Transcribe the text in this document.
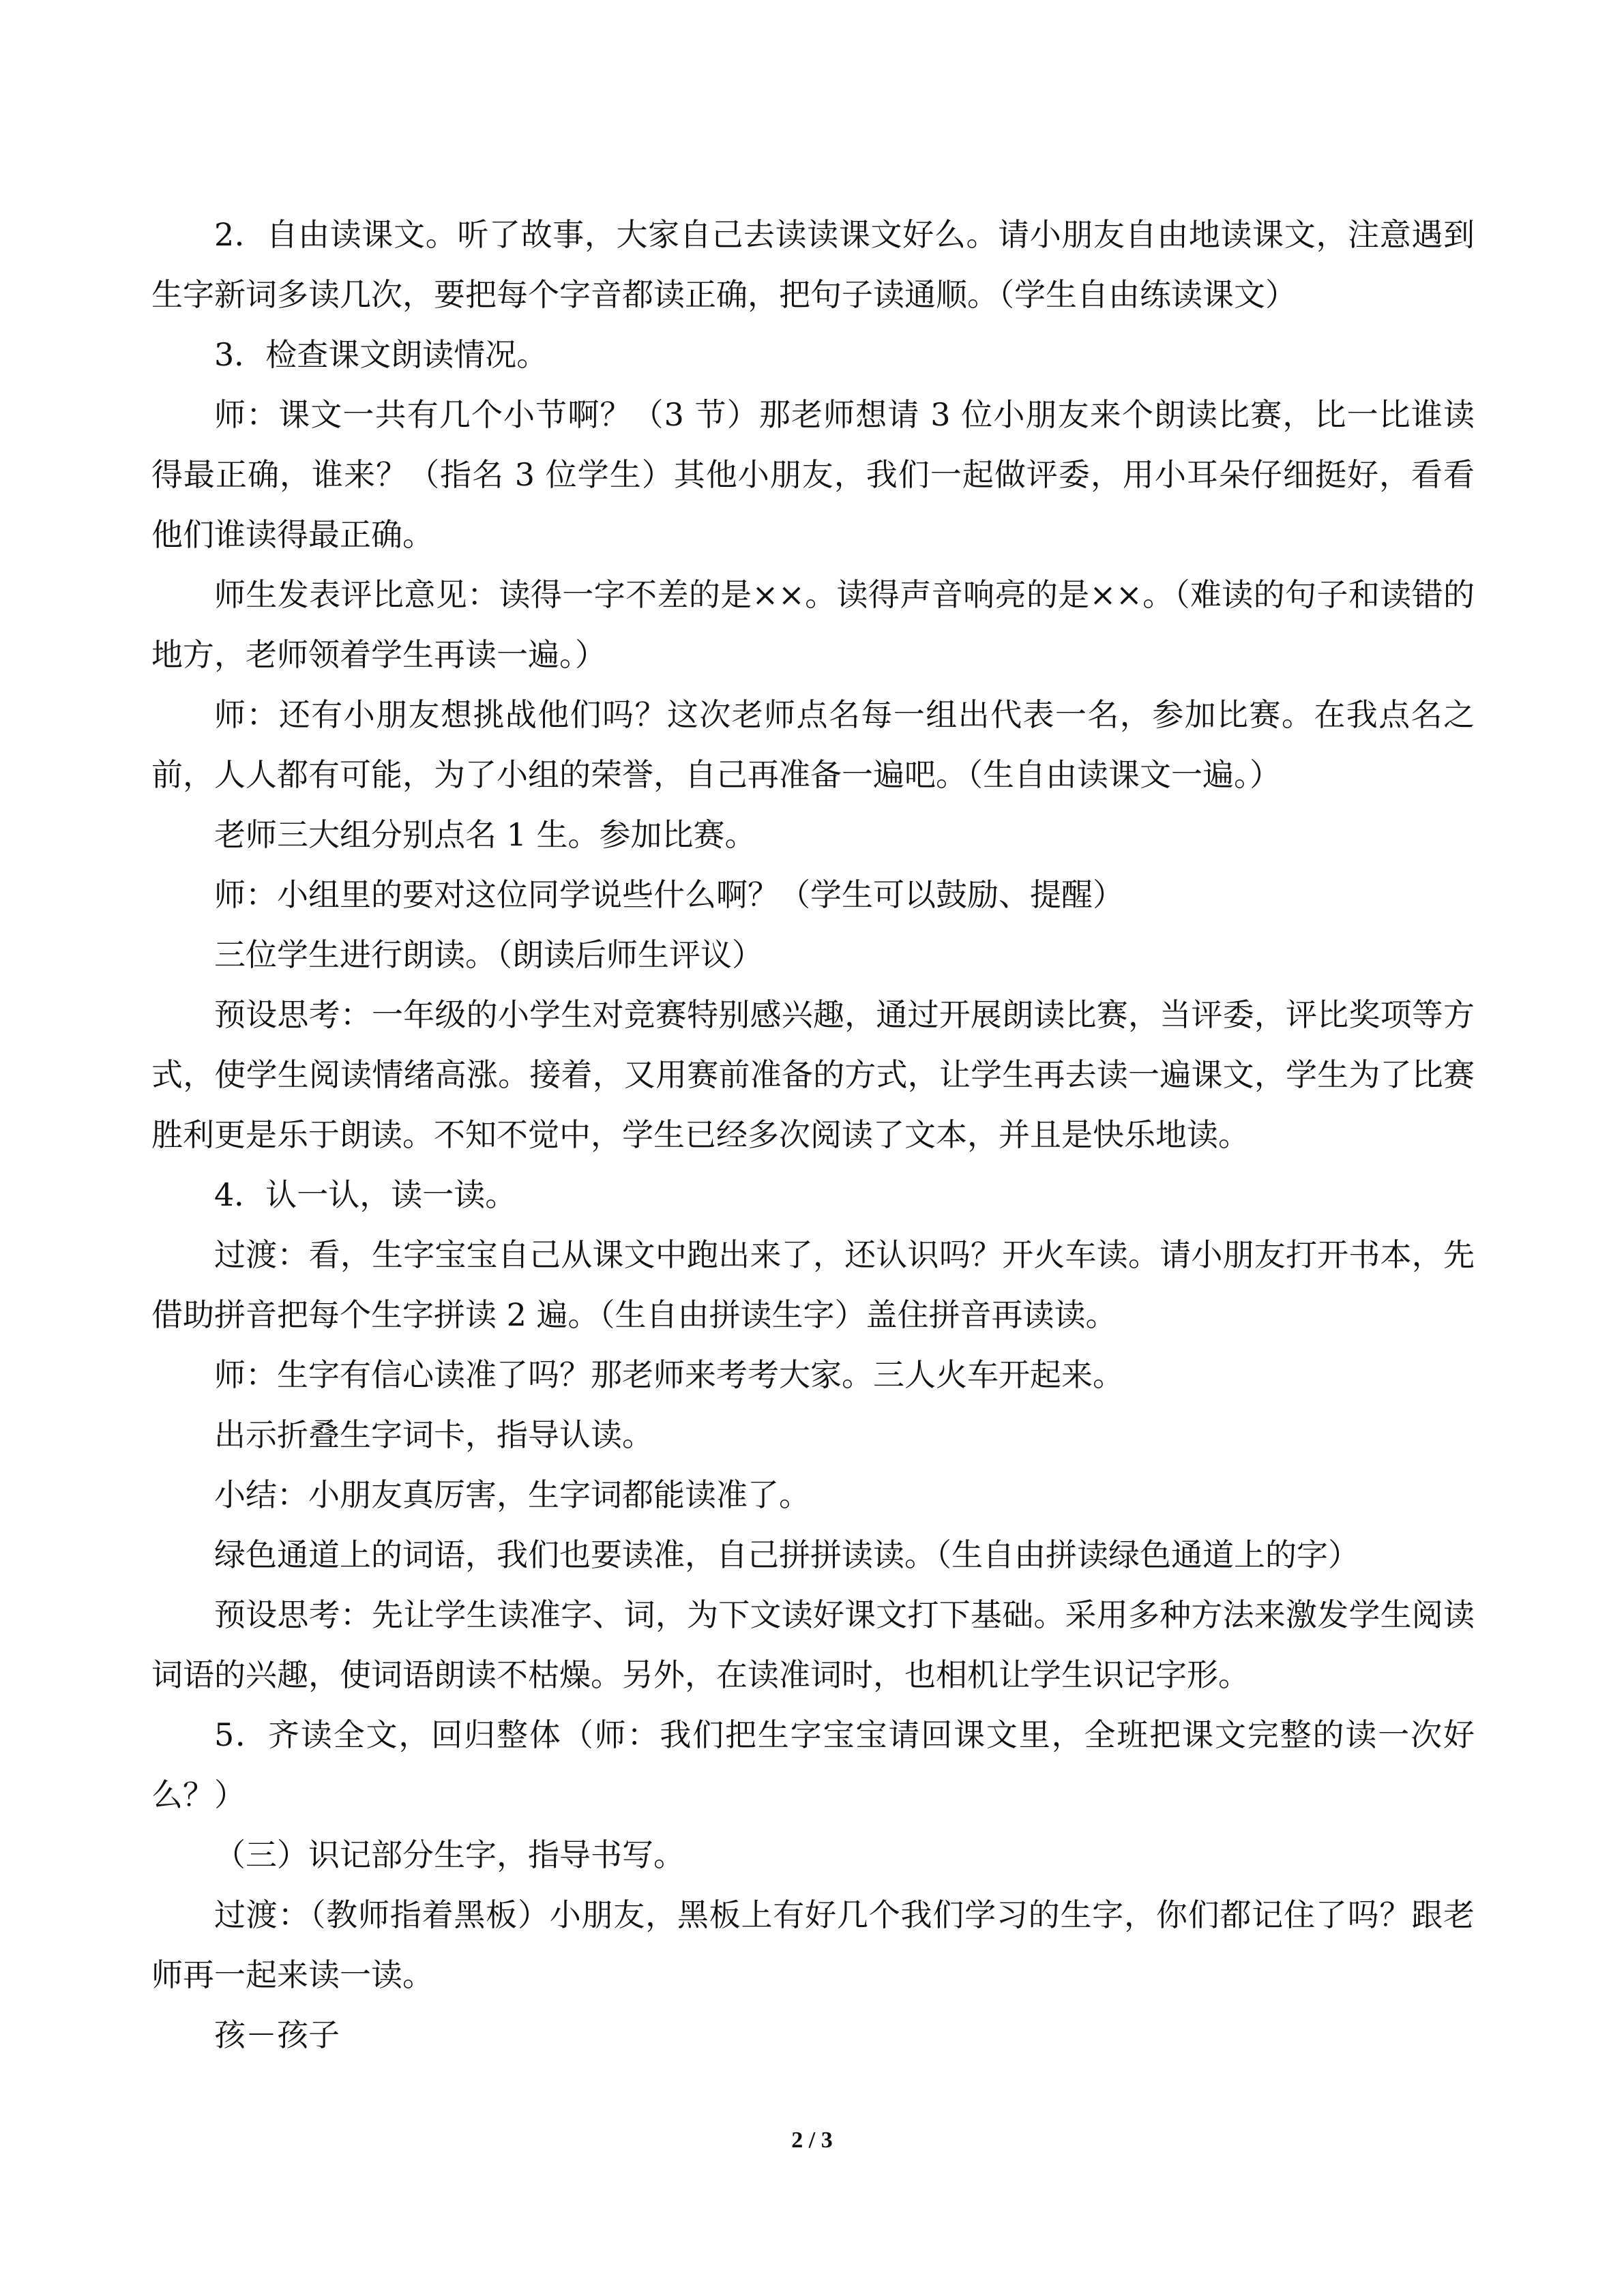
2．自由读课文。听了故事，大家自己去读读课文好么。请小朋友自由地读课文，注意遇到生字新词多读几次，要把每个字音都读正确，把句子读通顺。（学生自由练读课文）

3．检查课文朗读情况。

师：课文一共有几个小节啊？（3 节）那老师想请 3 位小朋友来个朗读比赛，比一比谁读得最正确，谁来？（指名 3 位学生）其他小朋友，我们一起做评委，用小耳朵仔细挺好，看看他们谁读得最正确。

师生发表评比意见：读得一字不差的是××。读得声音响亮的是××。（难读的句子和读错的地方，老师领着学生再读一遍。）

师：还有小朋友想挑战他们吗？这次老师点名每一组出代表一名，参加比赛。在我点名之前，人人都有可能，为了小组的荣誉，自己再准备一遍吧。（生自由读课文一遍。）

老师三大组分别点名 1 生。参加比赛。

师：小组里的要对这位同学说些什么啊？（学生可以鼓励、提醒）

三位学生进行朗读。（朗读后师生评议）

预设思考：一年级的小学生对竞赛特别感兴趣，通过开展朗读比赛，当评委，评比奖项等方式，使学生阅读情绪高涨。接着，又用赛前准备的方式，让学生再去读一遍课文，学生为了比赛胜利更是乐于朗读。不知不觉中，学生已经多次阅读了文本，并且是快乐地读。

4．认一认，读一读。

过渡：看，生字宝宝自己从课文中跑出来了，还认识吗？开火车读。请小朋友打开书本，先借助拼音把每个生字拼读 2 遍。（生自由拼读生字）盖住拼音再读读。

师：生字有信心读准了吗？那老师来考考大家。三人火车开起来。

出示折叠生字词卡，指导认读。

小结：小朋友真厉害，生字词都能读准了。

绿色通道上的词语，我们也要读准，自己拼拼读读。（生自由拼读绿色通道上的字）

预设思考：先让学生读准字、词，为下文读好课文打下基础。采用多种方法来激发学生阅读词语的兴趣，使词语朗读不枯燥。另外，在读准词时，也相机让学生识记字形。

5．齐读全文，回归整体（师：我们把生字宝宝请回课文里，全班把课文完整的读一次好么？）

（三）识记部分生字，指导书写。

过渡：（教师指着黑板）小朋友，黑板上有好几个我们学习的生字，你们都记住了吗？跟老师再一起来读一读。

孩－孩子

2 / 3
